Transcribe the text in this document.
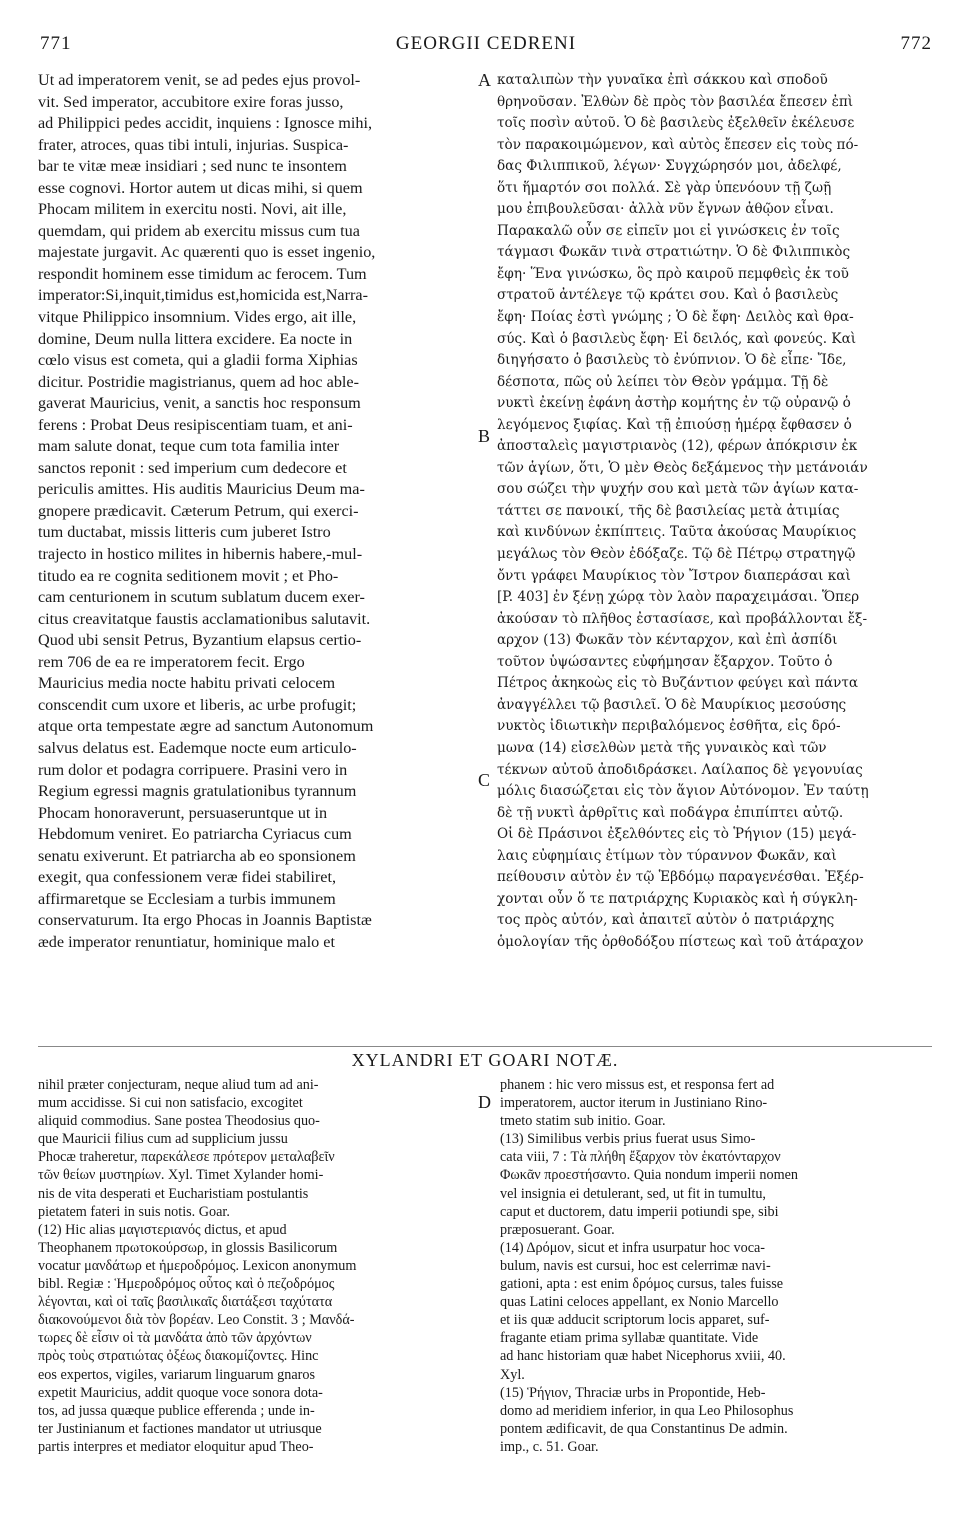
771	GEORGII CEDRENI	772
Ut ad imperatorem venit, se ad pedes ejus provol-
vit. Sed imperator, accubitore exire foras jusso,
ad Philippici pedes accidit, inquiens : Ignosce mihi,
frater, atroces, quas tibi intuli, injurias. Suspica-
bar te vitæ meæ insidiari ; sed nunc te insontem
esse cognovi. Hortor autem ut dicas mihi, si quem
Phocam militem in exercitu nosti. Novi, ait ille,
quemdam, qui pridem ab exercitu missus cum tua
majestate jurgavit. Ac quærenti quo is esset ingenio,
respondit hominem esse timidum ac ferocem. Tum
imperator:Si,inquit,timidus est,homicida est,Narra-
vitque Philippico insomnium. Vides ergo, ait ille,
domine, Deum nulla littera excidere. Ea nocte in
cœlo visus est cometa, qui a gladii forma Xiphias
dicitur. Postridie magistrianus, quem ad hoc able-
gaverat Mauricius, venit, a sanctis hoc responsum
ferens : Probat Deus resipiscentiam tuam, et ani-
mam salute donat, teque cum tota familia inter
sanctos reponit : sed imperium cum dedecore et
periculis amittes. His auditis Mauricius Deum ma-
gnopere prædicavit. Cæterum Petrum, qui exerci-
tum ductabat, missis litteris cum juberet Istro
trajecto in hostico milites in hibernis habere,-mul-
titudo ea re cognita seditionem movit ; et Pho-
cam centurionem in scutum sublatum ducem exer-
citus creavitatque faustis acclamationibus salutavit.
Quod ubi sensit Petrus, Byzantium elapsus certio-
rem 706 de ea re imperatorem fecit. Ergo
Mauricius media nocte habitu privati celocem
conscendit cum uxore et liberis, ac urbe profugit;
atque orta tempestate ægre ad sanctum Autonomum
salvus delatus est. Eademque nocte eum articulo-
rum dolor et podagra corripuere. Prasini vero in
Regium egressi magnis gratulationibus tyrannum
Phocam honoraverunt, persuaseruntque ut in
Hebdomum veniret. Eo patriarcha Cyriacus cum
senatu exiverunt. Et patriarcha ab eo sponsionem
exegit, qua confessionem veræ fidei stabiliret,
affirmaretque se Ecclesiam a turbis immunem
conservaturum. Ita ergo Phocas in Joannis Baptistæ
æde imperator renuntiatur, hominique malo et
καταλιπὼν τὴν γυναῖκα ἐπὶ σάκκου καὶ σποδοῦ
θρηνοῦσαν. Ἐλθὼν δὲ πρὸς τὸν βασιλέα ἔπεσεν ἐπὶ
τοῖς ποσὶν αὐτοῦ. Ὁ δὲ βασιλεὺς ἐξελθεῖν ἐκέλευσε
τὸν παρακοιμώμενον, καὶ αὐτὸς ἔπεσεν εἰς τοὺς πό-
δας Φιλιππικοῦ, λέγων· Συγχώρησόν μοι, ἀδελφέ,
ὅτι ἥμαρτόν σοι πολλά. Σὲ γὰρ ὑπενόουν τῇ ζωῇ
μου ἐπιβουλεῦσαι· ἀλλὰ νῦν ἔγνων ἀθῷον εἶναι.
Παρακαλῶ οὖν σε εἰπεῖν μοι εἰ γινώσκεις ἐν τοῖς
τάγμασι Φωκᾶν τινὰ στρατιώτην. Ὁ δὲ Φιλιππικὸς
ἔφη· Ἕνα γινώσκω, ὃς πρὸ καιροῦ πεμφθεὶς ἐκ τοῦ
στρατοῦ ἀντέλεγε τῷ κράτει σου. Καὶ ὁ βασιλεὺς
ἔφη· Ποίας ἐστὶ γνώμης ; Ὁ δὲ ἔφη· Δειλὸς καὶ θρα-
σύς. Καὶ ὁ βασιλεὺς ἔφη· Εἰ δειλός, καὶ φονεύς. Καὶ
διηγήσατο ὁ βασιλεὺς τὸ ἐνύπνιον. Ὁ δὲ εἶπε· Ἴδε,
δέσποτα, πῶς οὐ λείπει τὸν Θεὸν γράμμα. Τῇ δὲ
νυκτὶ ἐκείνῃ ἐφάνη ἀστὴρ κομήτης ἐν τῷ οὐρανῷ ὁ
λεγόμενος ξιφίας. Καὶ τῇ ἐπιούσῃ ἡμέρᾳ ἔφθασεν ὁ
ἀποσταλεὶς μαγιστριανὸς (12), φέρων ἀπόκρισιν ἐκ
τῶν ἁγίων, ὅτι, Ὁ μὲν Θεὸς δεξάμενος τὴν μετάνοιάν
σου σώζει τὴν ψυχήν σου καὶ μετὰ τῶν ἁγίων κατα-
τάττει σε πανοικί, τῆς δὲ βασιλείας μετὰ ἀτιμίας
καὶ κινδύνων ἐκπίπτεις. Ταῦτα ἀκούσας Μαυρίκιος
μεγάλως τὸν Θεὸν ἐδόξαζε. Τῷ δὲ Πέτρῳ στρατηγῷ
ὄντι γράφει Μαυρίκιος τὸν Ἴστρον διαπεράσαι καὶ
[P. 403] ἐν ξένῃ χώρᾳ τὸν λαὸν παραχειμάσαι. Ὅπερ
ἀκούσαν τὸ πλῆθος ἐστασίασε, καὶ προβάλλονται ἔξ-
αρχον (13) Φωκᾶν τὸν κένταρχον, καὶ ἐπὶ ἀσπίδι
τοῦτον ὑψώσαντες εὐφήμησαν ἔξαρχον. Τοῦτο ὁ
Πέτρος ἀκηκοὼς εἰς τὸ Βυζάντιον φεύγει καὶ πάντα
ἀναγγέλλει τῷ βασιλεῖ. Ὁ δὲ Μαυρίκιος μεσούσης
νυκτὸς ἰδιωτικὴν περιβαλόμενος ἐσθῆτα, εἰς δρό-
μωνα (14) εἰσελθὼν μετὰ τῆς γυναικὸς καὶ τῶν
τέκνων αὐτοῦ ἀποδιδράσκει. Λαίλαπος δὲ γεγονυίας
μόλις διασώζεται εἰς τὸν ἅγιον Αὐτόνομον. Ἐν ταύτῃ
δὲ τῇ νυκτὶ ἀρθρῖτις καὶ ποδάγρα ἐπιπίπτει αὐτῷ.
Οἱ δὲ Πράσινοι ἐξελθόντες εἰς τὸ Ῥήγιον (15) μεγά-
λαις εὐφημίαις ἐτίμων τὸν τύραννον Φωκᾶν, καὶ
πείθουσιν αὐτὸν ἐν τῷ Ἑβδόμῳ παραγενέσθαι. Ἐξέρ-
χονται οὖν ὅ τε πατριάρχης Κυριακὸς καὶ ἡ σύγκλη-
τος πρὸς αὐτόν, καὶ ἀπαιτεῖ αὐτὸν ὁ πατριάρχης
ὁμολογίαν τῆς ὀρθοδόξου πίστεως καὶ τοῦ ἀτάραχον
A
B
C
D
XYLANDRI ET GOARI NOTÆ.
nihil præter conjecturam, neque aliud tum ad ani-
mum accidisse. Si cui non satisfacio, excogitet
aliquid commodius. Sane postea Theodosius quo-
que Mauricii filius cum ad supplicium jussu
Phocæ traheretur, παρεκάλεσε πρότερον μεταλαβεῖν
τῶν θείων μυστηρίων. Xyl. Timet Xylander homi-
nis de vita desperati et Eucharistiam postulantis
pietatem fateri in suis notis. Goar.
(12) Hic alias μαγιστεριανός dictus, et apud
Theophanem πρωτοκούρσωρ, in glossis Basilicorum
vocatur μανδάτωρ et ἡμεροδρόμος. Lexicon anonymum
bibl. Regiæ : Ἡμεροδρόμος οὗτος καὶ ὁ πεζοδρόμος
λέγονται, καὶ οἱ ταῖς βασιλικαῖς διατάξεσι ταχύτατα
διακονούμενοι διὰ τὸν βορέαν. Leo Constit. 3 ; Μανδά-
τωρες δὲ εἶσιν οἱ τὰ μανδάτα ἀπὸ τῶν ἀρχόντων
πρὸς τοὺς στρατιώτας ὀξέως διακομίζοντες. Hinc
eos expertos, vigiles, variarum linguarum gnaros
expetit Mauricius, addit quoque voce sonora dota-
tos, ad jussa quæque publice efferenda ; unde in-
ter Justinianum et factiones mandator ut utriusque
partis interpres et mediator eloquitur apud Theo-
phanem : hic vero missus est, et responsa fert ad
imperatorem, auctor iterum in Justiniano Rino-
tmeto statim sub initio. Goar.
(13) Similibus verbis prius fuerat usus Simo-
cata viii, 7 : Τὰ πλήθη ἔξαρχον τὸν ἑκατόνταρχον
Φωκᾶν προεστήσαντο. Quia nondum imperii nomen
vel insignia ei detulerant, sed, ut fit in tumultu,
caput et ductorem, datu imperii potiundi spe, sibi
præposuerant. Goar.
(14) Δρόμον, sicut et infra usurpatur hoc voca-
bulum, navis est cursui, hoc est celerrimæ navi-
gationi, apta : est enim δρόμος cursus, tales fuisse
quas Latini celoces appellant, ex Nonio Marcello
et iis quæ adducit scriptorum locis apparet, suf-
fragante etiam prima syllabæ quantitate. Vide
ad hanc historiam quæ habet Nicephorus xviii, 40.
Xyl.
(15) Ῥήγιον, Thraciæ urbs in Propontide, Heb-
domo ad meridiem inferior, in qua Leo Philosophus
pontem ædificavit, de qua Constantinus De admin.
imp., c. 51. Goar.
